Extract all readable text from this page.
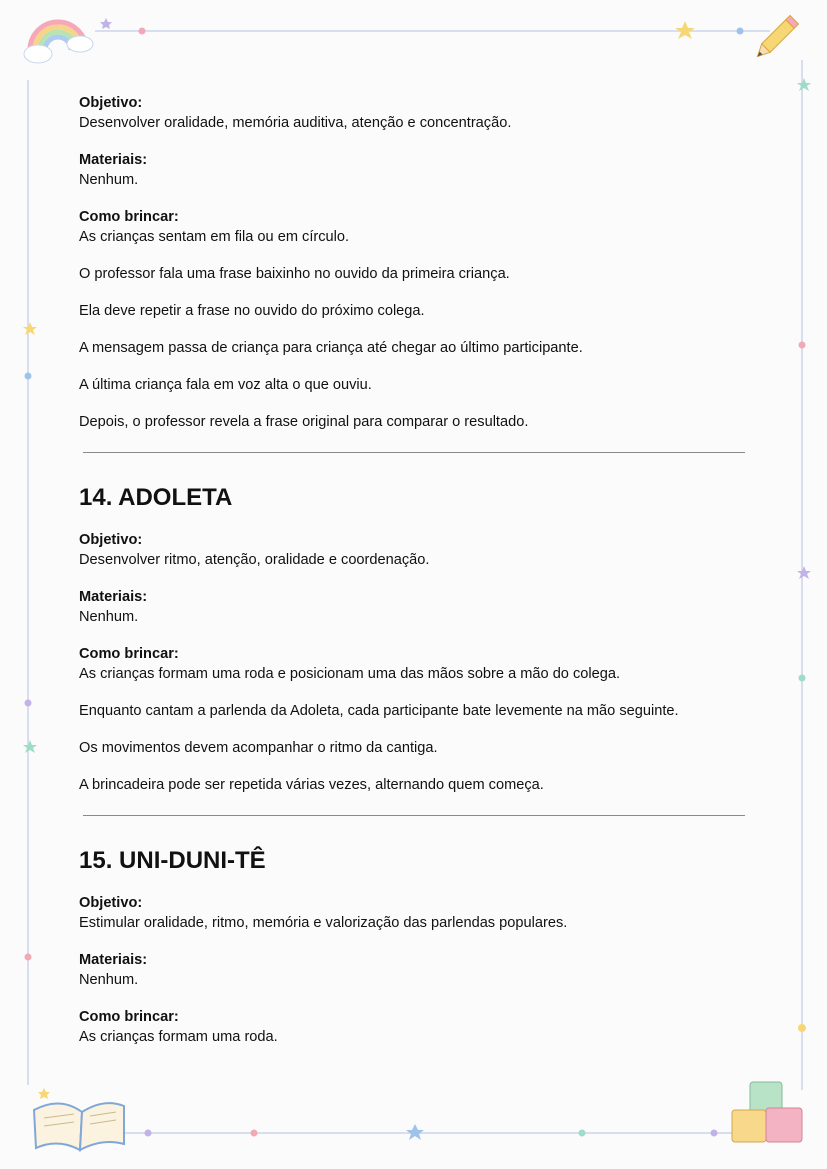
Objetivo:

Desenvolver oralidade, memória auditiva, atenção e concentração.

Materiais:

Nenhum.

Como brincar:

As crianças sentam em fila ou em círculo.

O professor fala uma frase baixinho no ouvido da primeira criança.

Ela deve repetir a frase no ouvido do próximo colega.

A mensagem passa de criança para criança até chegar ao último participante.

A última criança fala em voz alta o que ouviu.

Depois, o professor revela a frase original para comparar o resultado.

14. ADOLETA
Objetivo:

Desenvolver ritmo, atenção, oralidade e coordenação.

Materiais:

Nenhum.

Como brincar:

As crianças formam uma roda e posicionam uma das mãos sobre a mão do colega.

Enquanto cantam a parlenda da Adoleta, cada participante bate levemente na mão seguinte.

Os movimentos devem acompanhar o ritmo da cantiga.

A brincadeira pode ser repetida várias vezes, alternando quem começa.

15. UNI-DUNI-TÊ
Objetivo:

Estimular oralidade, ritmo, memória e valorização das parlendas populares.

Materiais:

Nenhum.

Como brincar:

As crianças formam uma roda.
